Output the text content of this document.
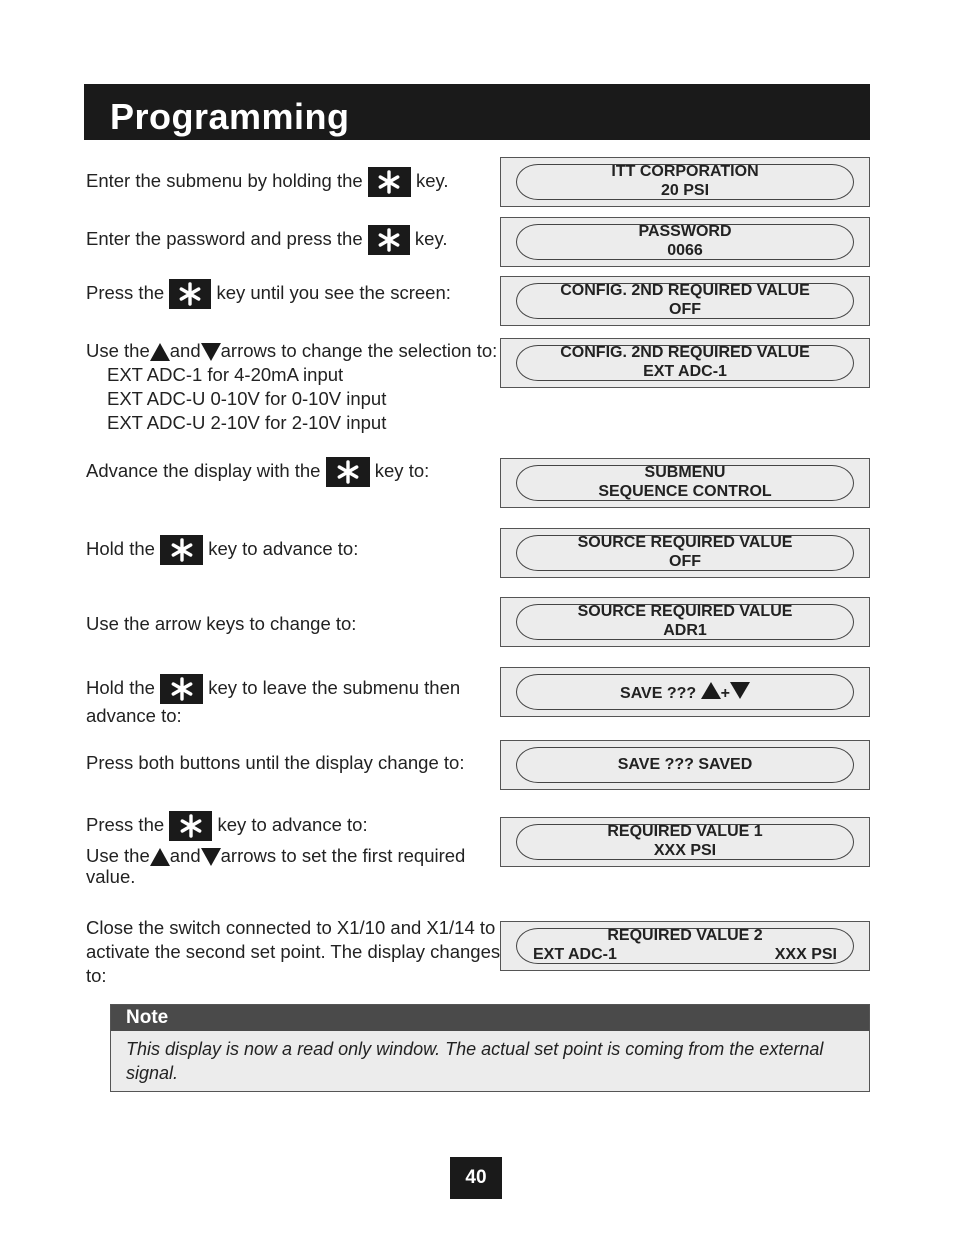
Programming
Enter the submenu by holding the	key.
Enter the password and press the	key.
Press the	key until you see the screen:
Use the and arrows to change the selection to:
EXT ADC-1 for 4-20mA input
EXT ADC-U 0-10V for 0-10V input
EXT ADC-U 2-10V for 2-10V input
Advance the display with the	key to:
Hold the	key to advance to:
Use the arrow keys to change to:
Hold the	key to leave the submenu then
advance to:
Press both buttons until the display change to:
Press the	key to advance to:
Use the and arrows to set the first required
value.
Close the switch connected to X1/10 and X1/14 to
activate the second set point. The display changes
to:
ITT CORPORATION
20 PSI
PASSWORD
0066
CONFIG. 2ND REQUIRED VALUE
OFF
CONFIG. 2ND REQUIRED VALUE
EXT ADC-1
SUBMENU
SEQUENCE CONTROL
SOURCE REQUIRED VALUE
OFF
SOURCE REQUIRED VALUE
ADR1
SAVE ??? +
SAVE ??? SAVED
REQUIRED VALUE 1
XXX PSI
REQUIRED VALUE 2
EXT ADC-1	XXX PSI
Note
This display is now a read only window. The actual set point is coming from the external signal.
40
